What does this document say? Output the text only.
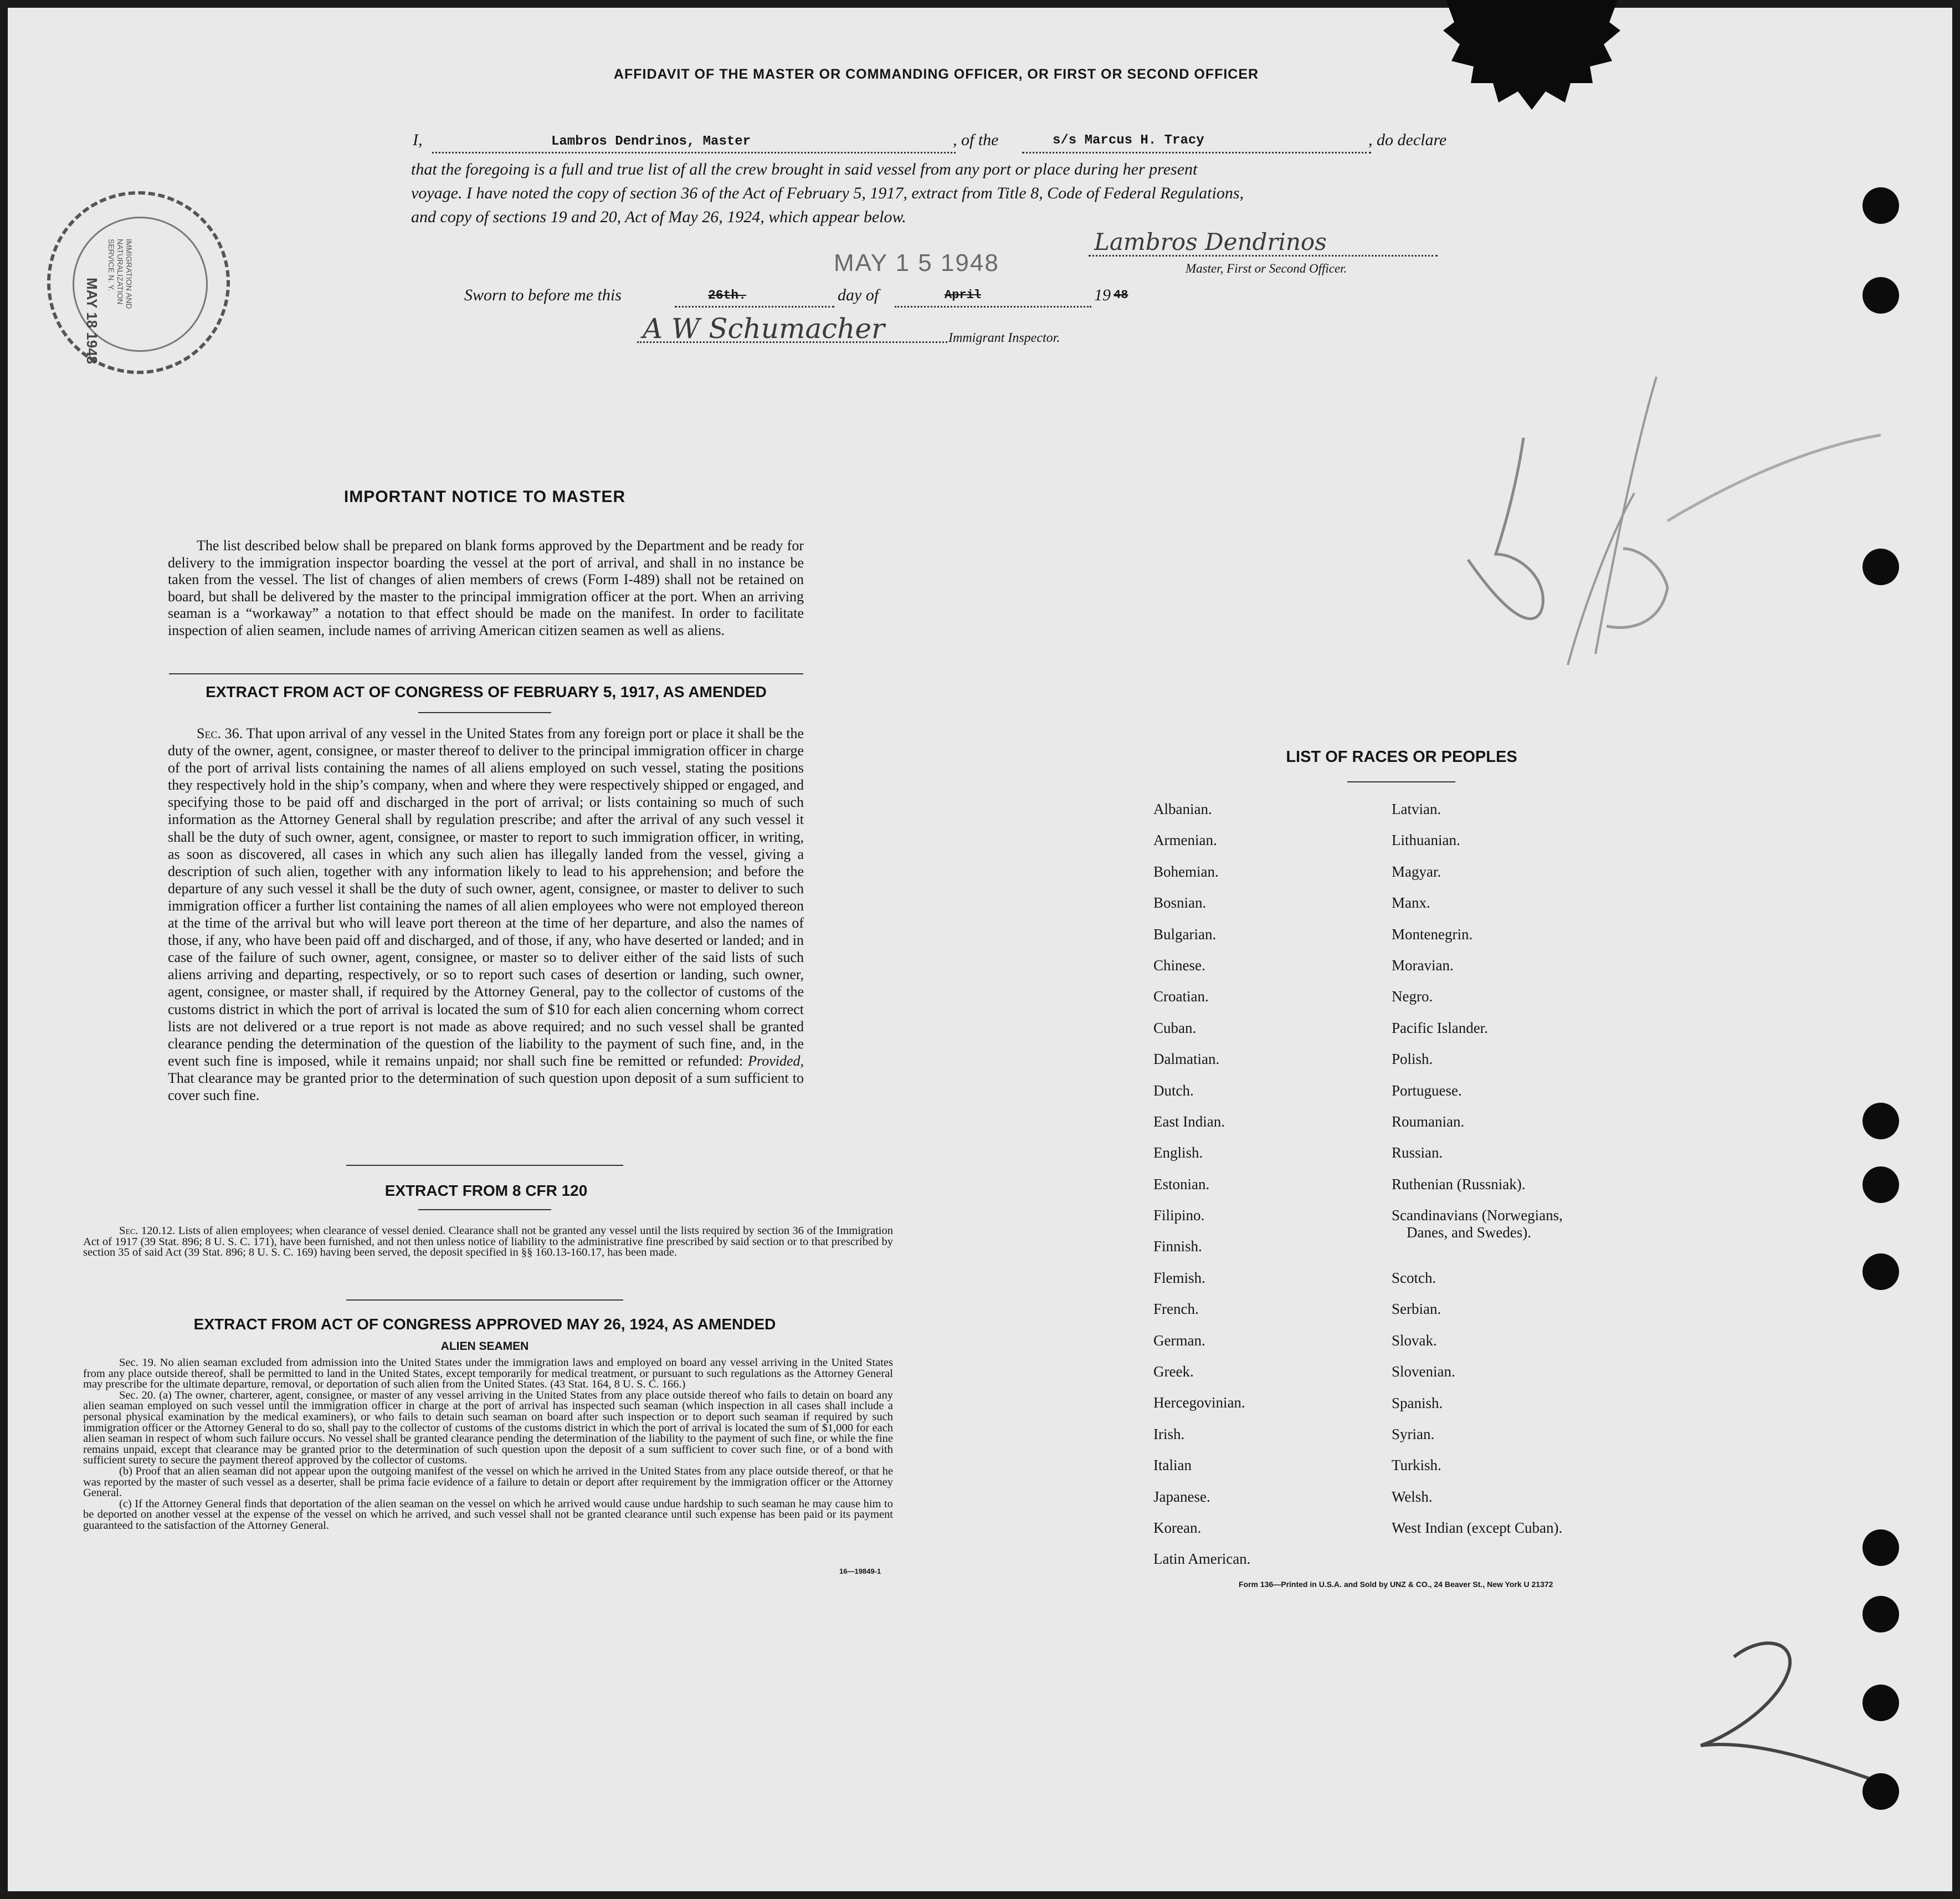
AFFIDAVIT OF THE MASTER OR COMMANDING OFFICER, OR FIRST OR SECOND OFFICER
I,	Lambros Dendrinos, Master	, of the	s/s Marcus H. Tracy	, do declare
that the foregoing is a full and true list of all the crew brought in said vessel from any port or place during her present
voyage. I have noted the copy of section 36 of the Act of February 5, 1917, extract from Title 8, Code of Federal Regulations,
and copy of sections 19 and 20, Act of May 26, 1924, which appear below.
MAY 1 5 1948
Lambros Dendrinos
Master, First or Second Officer.
Sworn to before me this	26th.	day of	April	19 48
A W Schumacher	Immigrant Inspector.
MAY 18 1948
IMMIGRATION AND NATURALIZATION SERVICE N. Y.
IMPORTANT NOTICE TO MASTER
The list described below shall be prepared on blank forms approved by the Department and be ready for delivery to the immigration inspector boarding the vessel at the port of arrival, and shall in no instance be taken from the vessel. The list of changes of alien members of crews (Form I-489) shall not be retained on board, but shall be delivered by the master to the principal immigration officer at the port. When an arriving seaman is a “workaway” a notation to that effect should be made on the manifest. In order to facilitate inspection of alien seamen, include names of arriving American citizen seamen as well as aliens.
EXTRACT FROM ACT OF CONGRESS OF FEBRUARY 5, 1917, AS AMENDED
Sec. 36. That upon arrival of any vessel in the United States from any foreign port or place it shall be the duty of the owner, agent, consignee, or master thereof to deliver to the principal immigration officer in charge of the port of arrival lists containing the names of all aliens employed on such vessel, stating the positions they respectively hold in the ship’s company, when and where they were respectively shipped or engaged, and specifying those to be paid off and discharged in the port of arrival; or lists containing so much of such information as the Attorney General shall by regulation prescribe; and after the arrival of any such vessel it shall be the duty of such owner, agent, consignee, or master to report to such immigration officer, in writing, as soon as discovered, all cases in which any such alien has illegally landed from the vessel, giving a description of such alien, together with any information likely to lead to his apprehension; and before the departure of any such vessel it shall be the duty of such owner, agent, consignee, or master to deliver to such immigration officer a further list containing the names of all alien employees who were not employed thereon at the time of the arrival but who will leave port thereon at the time of her departure, and also the names of those, if any, who have been paid off and discharged, and of those, if any, who have deserted or landed; and in case of the failure of such owner, agent, consignee, or master so to deliver either of the said lists of such aliens arriving and departing, respectively, or so to report such cases of desertion or landing, such owner, agent, consignee, or master shall, if required by the Attorney General, pay to the collector of customs of the customs district in which the port of arrival is located the sum of $10 for each alien concerning whom correct lists are not delivered or a true report is not made as above required; and no such vessel shall be granted clearance pending the determination of the question of the liability to the payment of such fine, and, in the event such fine is imposed, while it remains unpaid; nor shall such fine be remitted or refunded: Provided, That clearance may be granted prior to the determination of such question upon deposit of a sum sufficient to cover such fine.
EXTRACT FROM 8 CFR 120
Sec. 120.12. Lists of alien employees; when clearance of vessel denied. Clearance shall not be granted any vessel until the lists required by section 36 of the Immigration Act of 1917 (39 Stat. 896; 8 U. S. C. 171), have been furnished, and not then unless notice of liability to the administrative fine prescribed by said section or to that prescribed by section 35 of said Act (39 Stat. 896; 8 U. S. C. 169) having been served, the deposit specified in §§ 160.13-160.17, has been made.
EXTRACT FROM ACT OF CONGRESS APPROVED MAY 26, 1924, AS AMENDED
ALIEN SEAMEN
Sec. 19. No alien seaman excluded from admission into the United States under the immigration laws and employed on board any vessel arriving in the United States from any place outside thereof, shall be permitted to land in the United States, except temporarily for medical treatment, or pursuant to such regulations as the Attorney General may prescribe for the ultimate departure, removal, or deportation of such alien from the United States. (43 Stat. 164, 8 U. S. C. 166.)
Sec. 20. (a) The owner, charterer, agent, consignee, or master of any vessel arriving in the United States from any place outside thereof who fails to detain on board any alien seaman employed on such vessel until the immigration officer in charge at the port of arrival has inspected such seaman (which inspection in all cases shall include a personal physical examination by the medical examiners), or who fails to detain such seaman on board after such inspection or to deport such seaman if required by such immigration officer or the Attorney General to do so, shall pay to the collector of customs of the customs district in which the port of arrival is located the sum of $1,000 for each alien seaman in respect of whom such failure occurs. No vessel shall be granted clearance pending the determination of the liability to the payment of such fine, or while the fine remains unpaid, except that clearance may be granted prior to the determination of such question upon the deposit of a sum sufficient to cover such fine, or of a bond with sufficient surety to secure the payment thereof approved by the collector of customs.
(b) Proof that an alien seaman did not appear upon the outgoing manifest of the vessel on which he arrived in the United States from any place outside thereof, or that he was reported by the master of such vessel as a deserter, shall be prima facie evidence of a failure to detain or deport after requirement by the immigration officer or the Attorney General.
(c) If the Attorney General finds that deportation of the alien seaman on the vessel on which he arrived would cause undue hardship to such seaman he may cause him to be deported on another vessel at the expense of the vessel on which he arrived, and such vessel shall not be granted clearance until such expense has been paid or its payment guaranteed to the satisfaction of the Attorney General.
16—19849-1
LIST OF RACES OR PEOPLES
Albanian.
Armenian.
Bohemian.
Bosnian.
Bulgarian.
Chinese.
Croatian.
Cuban.
Dalmatian.
Dutch.
East Indian.
English.
Estonian.
Filipino.
Finnish.
Flemish.
French.
German.
Greek.
Hercegovinian.
Irish.
Italian
Japanese.
Korean.
Latin American.
Latvian.
Lithuanian.
Magyar.
Manx.
Montenegrin.
Moravian.
Negro.
Pacific Islander.
Polish.
Portuguese.
Roumanian.
Russian.
Ruthenian (Russniak).
Scandinavians (Norwegians,
Danes, and Swedes).
Scotch.
Serbian.
Slovak.
Slovenian.
Spanish.
Syrian.
Turkish.
Welsh.
West Indian (except Cuban).
Form 136—Printed in U.S.A. and Sold by UNZ & CO., 24 Beaver St., New York U 21372
